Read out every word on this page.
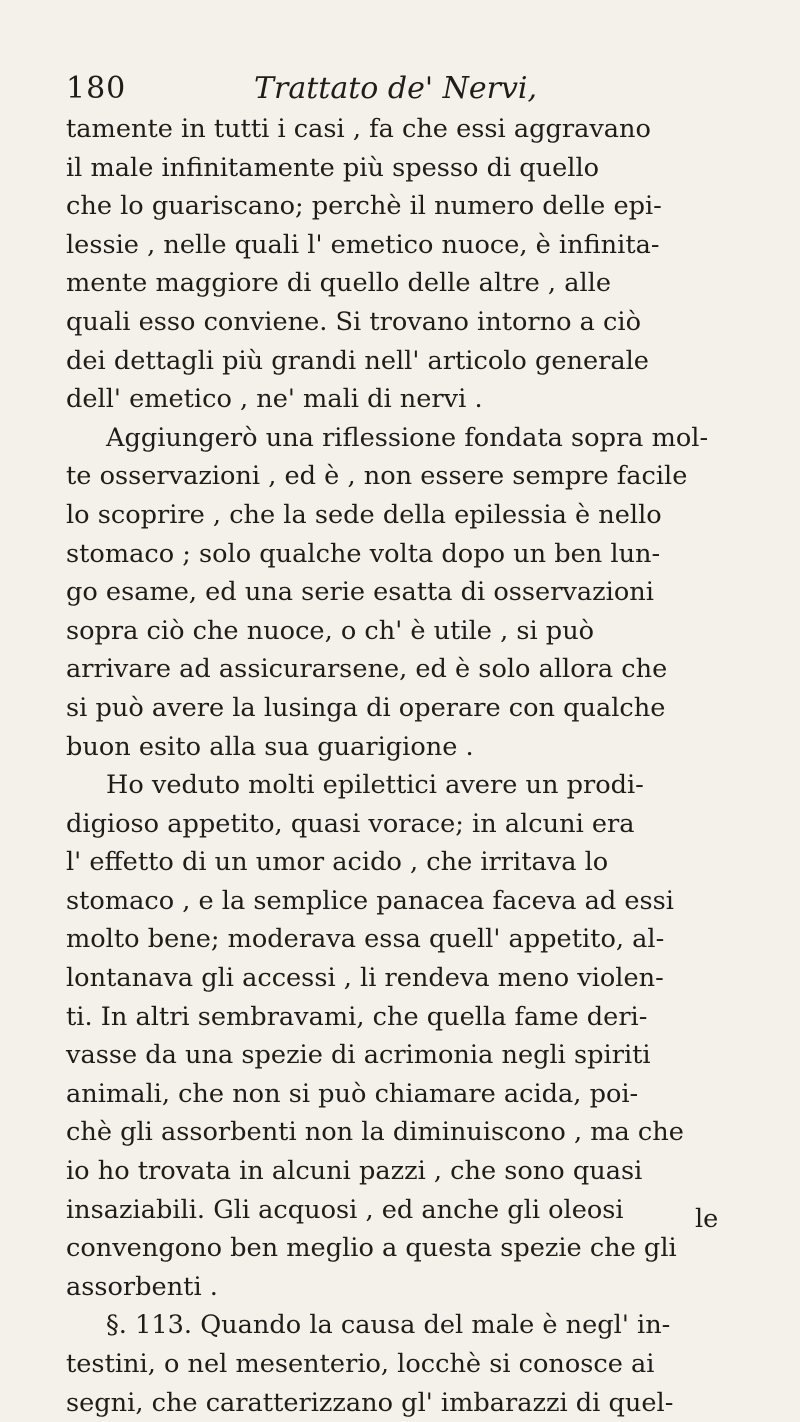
180	Trattato de' Nervi,
tamente in tutti i casi , fa che essi aggravano
il male infinitamente più spesso di quello
che lo guariscano; perchè il numero delle epi-
lessie , nelle quali l' emetico nuoce, è infinita-
mente maggiore di quello delle altre , alle
quali esso conviene. Si trovano intorno a ciò
dei dettagli più grandi nell' articolo generale
dell' emetico , ne' mali di nervi .
Aggiungerò una riflessione fondata sopra mol-
te osservazioni , ed è , non essere sempre facile
lo scoprire , che la sede della epilessia è nello
stomaco ; solo qualche volta dopo un ben lun-
go esame, ed una serie esatta di osservazioni
sopra ciò che nuoce, o ch' è utile , si può
arrivare ad assicurarsene, ed è solo allora che
si può avere la lusinga di operare con qualche
buon esito alla sua guarigione .
Ho veduto molti epilettici avere un prodi-
digioso appetito, quasi vorace; in alcuni era
l' effetto di un umor acido , che irritava lo
stomaco , e la semplice panacea faceva ad essi
molto bene; moderava essa quell' appetito, al-
lontanava gli accessi , li rendeva meno violen-
ti. In altri sembravami, che quella fame deri-
vasse da una spezie di acrimonia negli spiriti
animali, che non si può chiamare acida, poi-
chè gli assorbenti non la diminuiscono , ma che
io ho trovata in alcuni pazzi , che sono quasi
insaziabili. Gli acquosi , ed anche gli oleosi
convengono ben meglio a questa spezie che gli
assorbenti .
§. 113. Quando la causa del male è negl' in-
testini, o nel mesenterio, locchè si conosce ai
segni, che caratterizzano gl' imbarazzi di quel-
le
